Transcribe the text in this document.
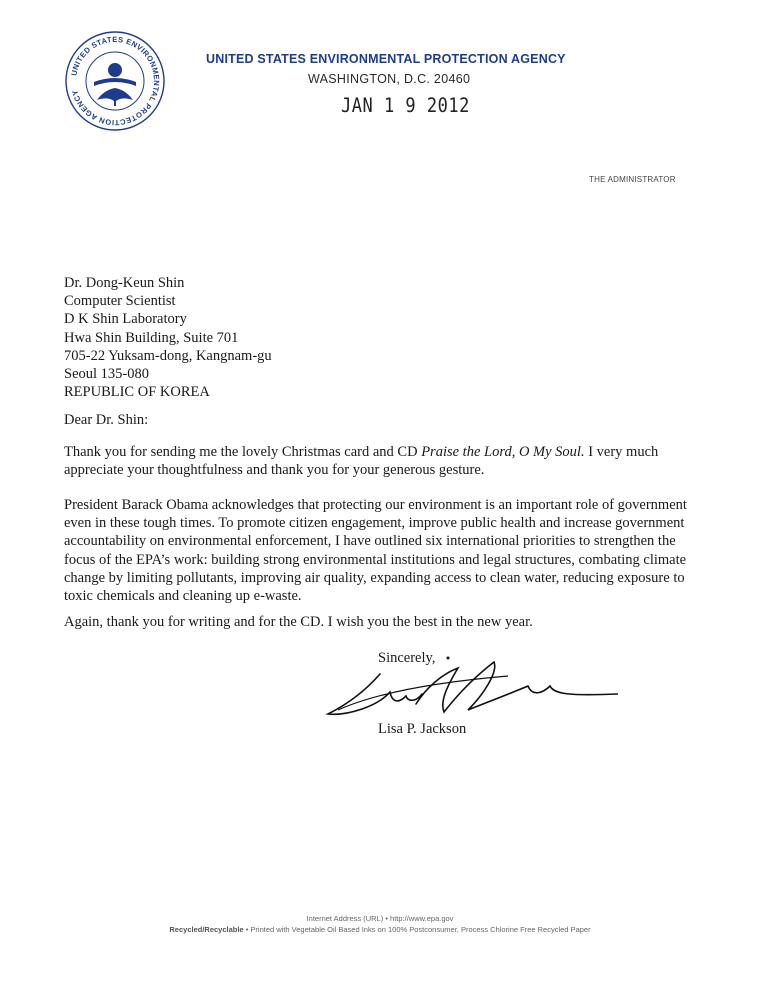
UNITED STATES ENVIRONMENTAL PROTECTION AGENCY
UNITED STATES ENVIRONMENTAL PROTECTION AGENCY
WASHINGTON, D.C. 20460
JAN 1 9 2012
THE ADMINISTRATOR
Dr. Dong-Keun Shin
Computer Scientist
D K Shin Laboratory
Hwa Shin Building, Suite 701
705-22 Yuksam-dong, Kangnam-gu
Seoul 135-080
REPUBLIC OF KOREA
Dear Dr. Shin:
Thank you for sending me the lovely Christmas card and CD Praise the Lord, O My Soul. I very much appreciate your thoughtfulness and thank you for your generous gesture.
President Barack Obama acknowledges that protecting our environment is an important role of government even in these tough times. To promote citizen engagement, improve public health and increase government accountability on environmental enforcement, I have outlined six international priorities to strengthen the focus of the EPA’s work: building strong environmental institutions and legal structures, combating climate change by limiting pollutants, improving air quality, expanding access to clean water, reducing exposure to toxic chemicals and cleaning up e-waste.
Again, thank you for writing and for the CD. I wish you the best in the new year.
Sincerely,
Lisa P. Jackson
Internet Address (URL) • http://www.epa.gov
Recycled/Recyclable • Printed with Vegetable Oil Based Inks on 100% Postconsumer, Process Chlorine Free Recycled Paper
